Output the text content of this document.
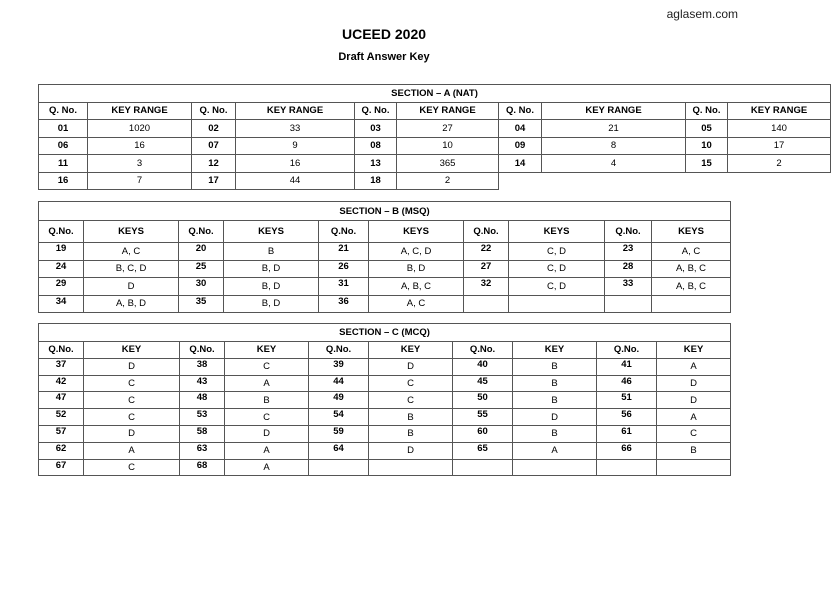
aglasem.com
UCEED 2020
Draft Answer Key
SECTION – A (NAT)									
Q. No.	KEY RANGE	Q. No.	KEY RANGE	Q. No.	KEY RANGE	Q. No.	KEY RANGE	Q. No.	KEY RANGE
01	1020	02	33	03	27	04	21	05	140
06	16	07	9	08	10	09	8	10	17
11	3	12	16	13	365	14	4	15	2
16	7	17	44	18	2				
SECTION – B (MSQ)									
Q.No.	KEYS	Q.No.	KEYS	Q.No.	KEYS	Q.No.	KEYS	Q.No.	KEYS
19	A, C	20	B	21	A, C, D	22	C, D	23	A, C
24	B, C, D	25	B, D	26	B, D	27	C, D	28	A, B, C
29	D	30	B, D	31	A, B, C	32	C, D	33	A, B, C
34	A, B, D	35	B, D	36	A, C				
SECTION – C (MCQ)									
Q.No.	KEY	Q.No.	KEY	Q.No.	KEY	Q.No.	KEY	Q.No.	KEY
37	D	38	C	39	D	40	B	41	A
42	C	43	A	44	C	45	B	46	D
47	C	48	B	49	C	50	B	51	D
52	C	53	C	54	B	55	D	56	A
57	D	58	D	59	B	60	B	61	C
62	A	63	A	64	D	65	A	66	B
67	C	68	A						
